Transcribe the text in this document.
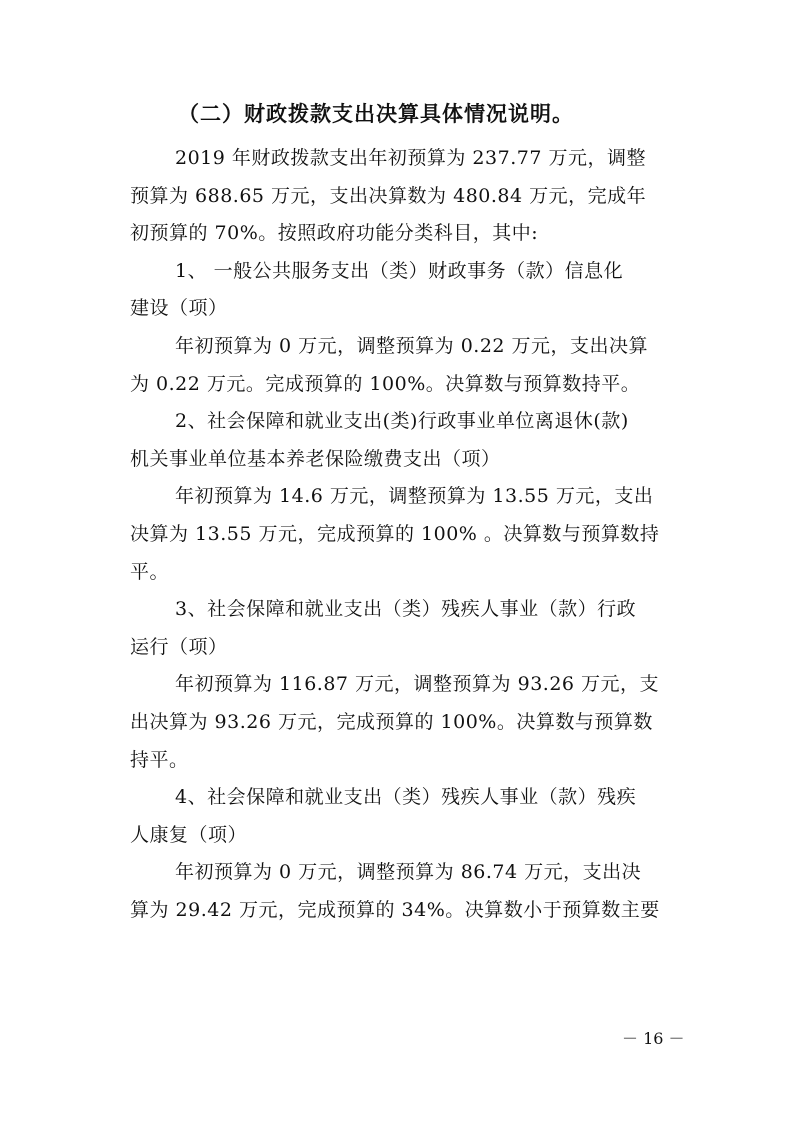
（二）财政拨款支出决算具体情况说明。
2019 年财政拨款支出年初预算为 237.77 万元，调整
预算为 688.65 万元，支出决算数为 480.84 万元，完成年
初预算的 70%。按照政府功能分类科目，其中:
1、 一般公共服务支出（类）财政事务（款）信息化
建设（项）
年初预算为 0 万元，调整预算为 0.22 万元，支出决算
为 0.22 万元。完成预算的 100%。决算数与预算数持平。
2、社会保障和就业支出(类)行政事业单位离退休(款)
机关事业单位基本养老保险缴费支出（项）
年初预算为 14.6 万元，调整预算为 13.55 万元，支出
决算为 13.55 万元，完成预算的 100% 。决算数与预算数持
平。
3、社会保障和就业支出（类）残疾人事业（款）行政
运行（项）
年初预算为 116.87 万元，调整预算为 93.26 万元，支
出决算为 93.26 万元，完成预算的 100%。决算数与预算数
持平。
4、社会保障和就业支出（类）残疾人事业（款）残疾
人康复（项）
年初预算为 0 万元，调整预算为 86.74 万元，支出决
算为 29.42 万元，完成预算的 34%。决算数小于预算数主要
－ 16 －
